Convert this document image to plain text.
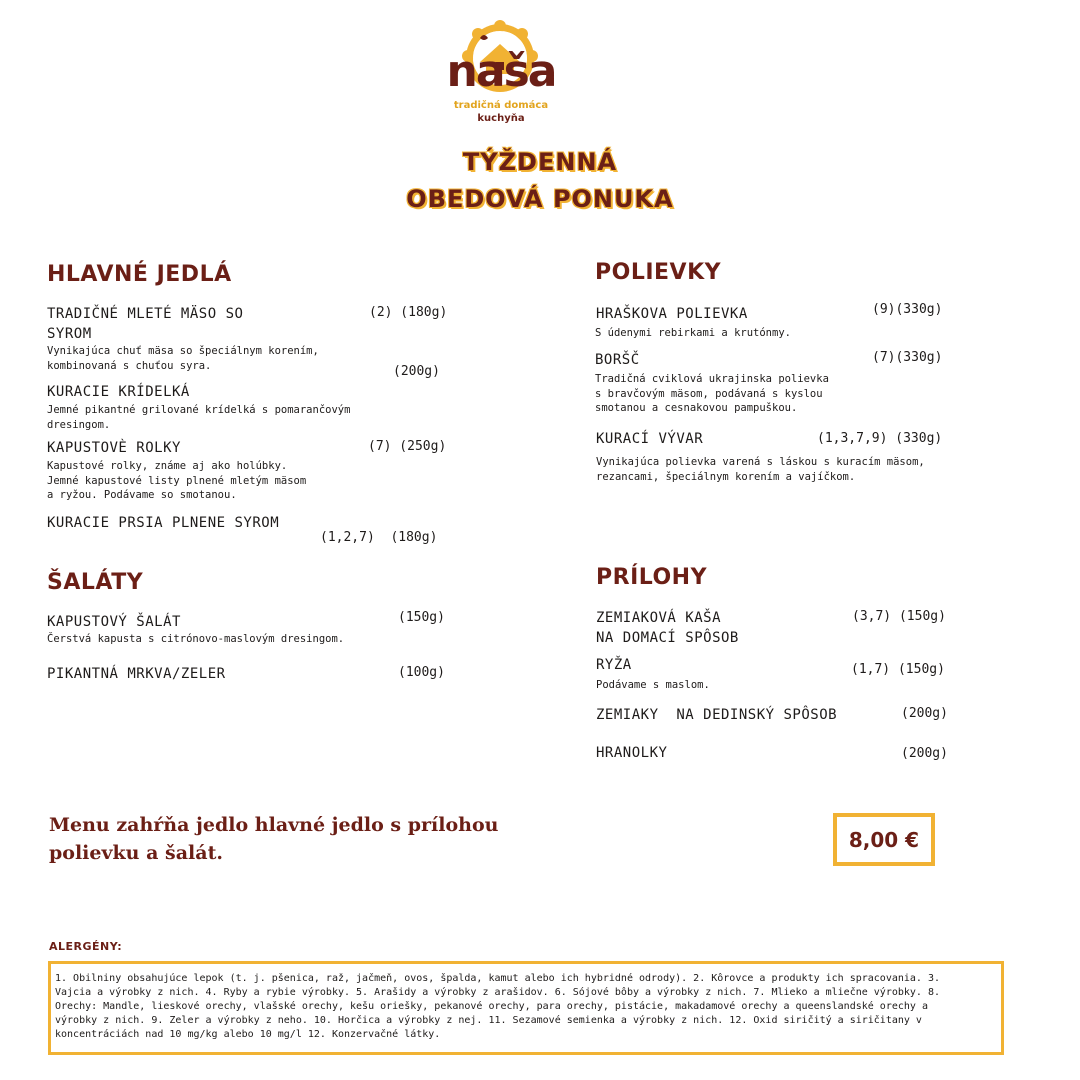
naša
tradičná domáca
kuchyňa
TÝŽDENNÁ
OBEDOVÁ PONUKA
HLAVNÉ JEDLÁ
TRADIČNÉ MLETÉ MÄSO SO
SYROM
(2) (180g)
Vynikajúca chuť mäsa so špeciálnym korením,
kombinovaná s chuťou syra.
KURACIE KRÍDELKÁ
(200g)
Jemné pikantné grilované krídelká s pomarančovým
dresingom.
KAPUSTOVÈ ROLKY	(7) (250g)
Kapustové rolky, známe aj ako holúbky.
Jemné kapustové listy plnené mletým mäsom
a ryžou. Podávame so smotanou.
KURACIE PRSIA PLNENE SYROM
(1,2,7)  (180g)
ŠALÁTY
KAPUSTOVÝ ŠALÁT	(150g)
Čerstvá kapusta s citrónovo-maslovým dresingom.
PIKANTNÁ MRKVA/ZELER	(100g)
POLIEVKY
HRAŠKOVA POLIEVKA	(9)(330g)
S údenymi rebirkami a krutónmy.
BORŠČ	(7)(330g)
Tradičná cviklová ukrajinska polievka
s bravčovým mäsom, podávaná s kyslou
smotanou a cesnakovou pampuškou.
KURACÍ VÝVAR	(1,3,7,9) (330g)
Vynikajúca polievka varená s láskou s kuracím mäsom,
rezancami, špeciálnym korením a vajíčkom.
PRÍLOHY
ZEMIAKOVÁ KAŠA
NA DOMACÍ SPÔSOB
(3,7) (150g)
RYŽA	(1,7) (150g)
Podávame s maslom.
ZEMIAKY  NA DEDINSKÝ SPÔSOB	(200g)
HRANOLKY	(200g)
Menu zahŕňa jedlo hlavné jedlo s prílohou
polievku a šalát.
8,00 €
ALERGÉNY:
1. Obilniny obsahujúce lepok (t. j. pšenica, raž, jačmeň, ovos, špalda, kamut alebo ich hybridné odrody). 2. Kôrovce a produkty ich spracovania. 3.
Vajcia a výrobky z nich. 4. Ryby a rybie výrobky. 5. Arašidy a výrobky z arašidov. 6. Sójové bôby a výrobky z nich. 7. Mlieko a mliečne výrobky. 8.
Orechy: Mandle, lieskové orechy, vlašské orechy, kešu oriešky, pekanové orechy, para orechy, pistácie, makadamové orechy a queenslandské orechy a
výrobky z nich. 9. Zeler a výrobky z neho. 10. Horčica a výrobky z nej. 11. Sezamové semienka a výrobky z nich. 12. Oxid siričitý a siričitany v
koncentráciách nad 10 mg/kg alebo 10 mg/l 12. Konzervačné látky.
